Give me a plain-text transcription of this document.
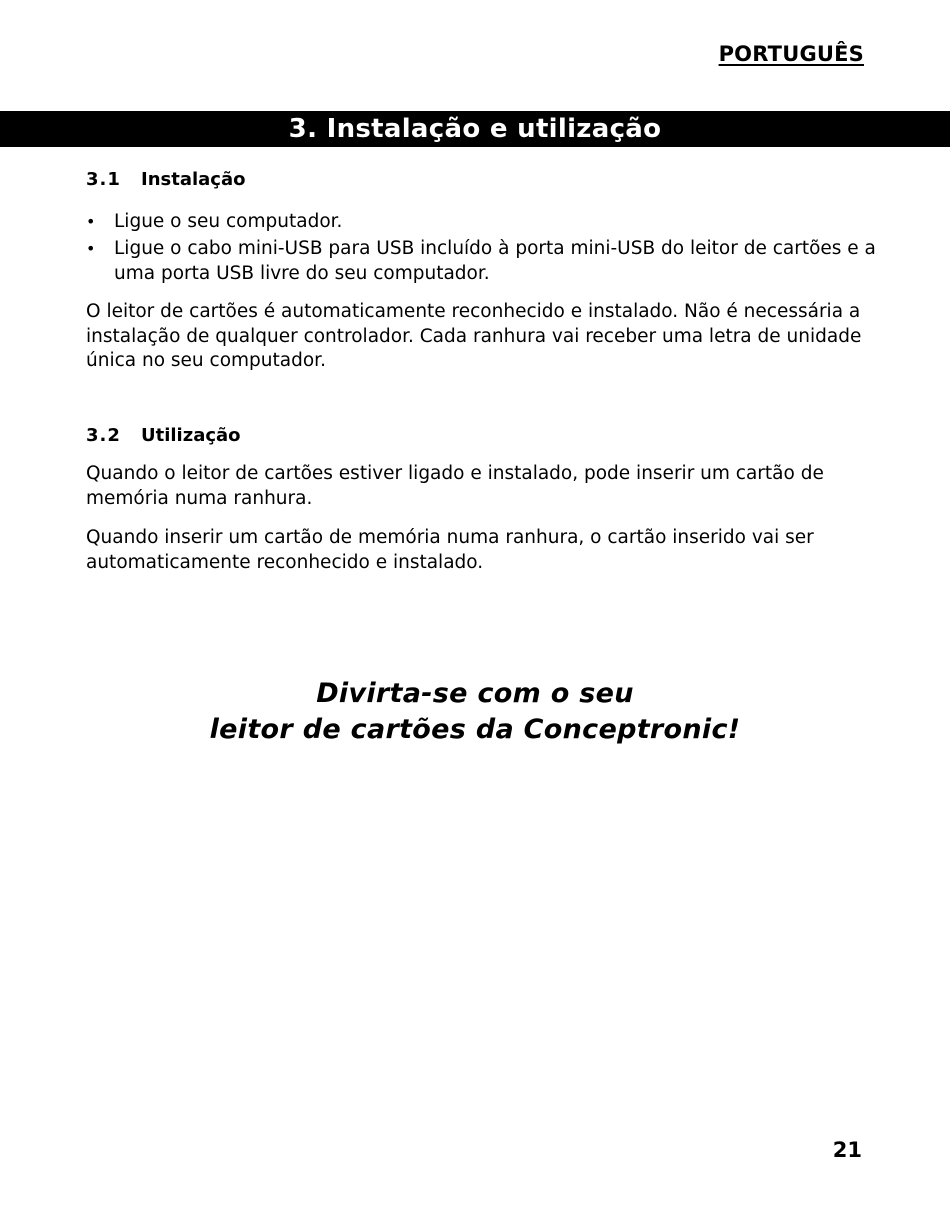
PORTUGUÊS
3. Instalação e utilização
3.1	Instalação
• Ligue o seu computador.
• Ligue o cabo mini-USB para USB incluído à porta mini-USB do leitor de cartões e a uma porta USB livre do seu computador.

O leitor de cartões é automaticamente reconhecido e instalado. Não é necessária a instalação de qualquer controlador. Cada ranhura vai receber uma letra de unidade única no seu computador.

3.2	Utilização

Quando o leitor de cartões estiver ligado e instalado, pode inserir um cartão de memória numa ranhura.

Quando inserir um cartão de memória numa ranhura, o cartão inserido vai ser automaticamente reconhecido e instalado.

Divirta-se com o seu
leitor de cartões da Conceptronic!
21
